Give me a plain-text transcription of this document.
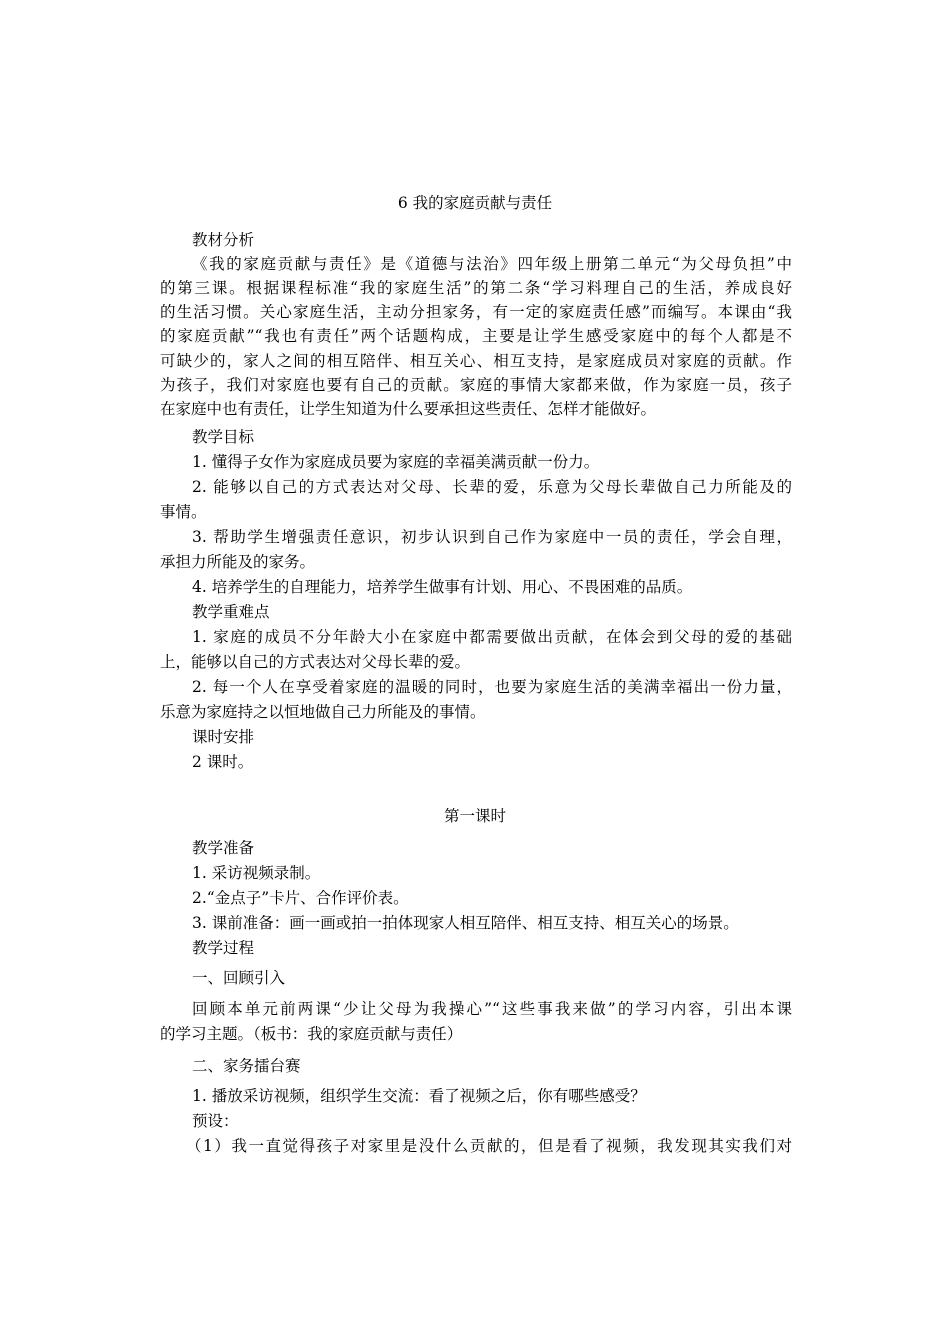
6 我的家庭贡献与责任
教材分析
《我的家庭贡献与责任》是《道德与法治》四年级上册第二单元“为父母负担”中
的第三课。根据课程标准“我的家庭生活”的第二条“学习料理自己的生活，养成良好
的生活习惯。关心家庭生活，主动分担家务，有一定的家庭责任感”而编写。本课由“我
的家庭贡献”“我也有责任”两个话题构成，主要是让学生感受家庭中的每个人都是不
可缺少的，家人之间的相互陪伴、相互关心、相互支持，是家庭成员对家庭的贡献。作
为孩子，我们对家庭也要有自己的贡献。家庭的事情大家都来做，作为家庭一员，孩子
在家庭中也有责任，让学生知道为什么要承担这些责任、怎样才能做好。
教学目标
1. 懂得子女作为家庭成员要为家庭的幸福美满贡献一份力。
2. 能够以自己的方式表达对父母、长辈的爱，乐意为父母长辈做自己力所能及的
事情。
3. 帮助学生增强责任意识，初步认识到自己作为家庭中一员的责任，学会自理，
承担力所能及的家务。
4. 培养学生的自理能力，培养学生做事有计划、用心、不畏困难的品质。
教学重难点
1. 家庭的成员不分年龄大小在家庭中都需要做出贡献，在体会到父母的爱的基础
上，能够以自己的方式表达对父母长辈的爱。
2. 每一个人在享受着家庭的温暖的同时，也要为家庭生活的美满幸福出一份力量，
乐意为家庭持之以恒地做自己力所能及的事情。
课时安排
2 课时。
第一课时
教学准备
1. 采访视频录制。
2.“金点子”卡片、合作评价表。
3. 课前准备：画一画或拍一拍体现家人相互陪伴、相互支持、相互关心的场景。
教学过程
一、回顾引入
回顾本单元前两课“少让父母为我操心”“这些事我来做”的学习内容，引出本课
的学习主题。（板书：我的家庭贡献与责任）
二、家务擂台赛
1. 播放采访视频，组织学生交流：看了视频之后，你有哪些感受？
预设：
（1）我一直觉得孩子对家里是没什么贡献的，但是看了视频，我发现其实我们对
